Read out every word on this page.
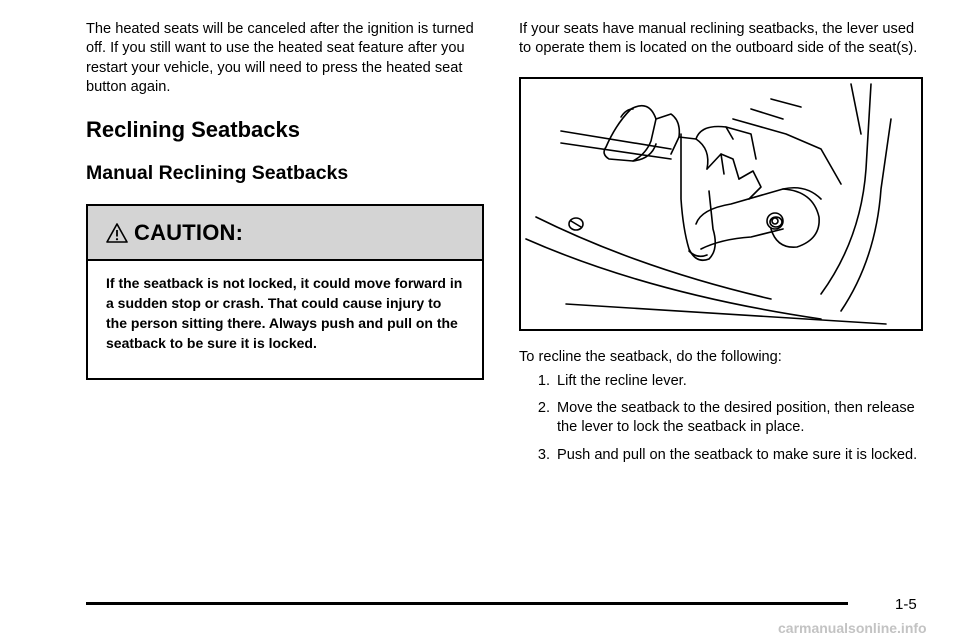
The heated seats will be canceled after the ignition is turned off. If you still want to use the heated seat feature after you restart your vehicle, you will need to press the heated seat button again.

Reclining Seatbacks
Manual Reclining Seatbacks
CAUTION:
If the seatback is not locked, it could move forward in a sudden stop or crash. That could cause injury to the person sitting there. Always push and pull on the seatback to be sure it is locked.

If your seats have manual reclining seatbacks, the lever used to operate them is located on the outboard side of the seat(s).

To recline the seatback, do the following:

1. Lift the recline lever.
2. Move the seatback to the desired position, then release the lever to lock the seatback in place.
3. Push and pull on the seatback to make sure it is locked.
1-5
carmanualsonline.info
